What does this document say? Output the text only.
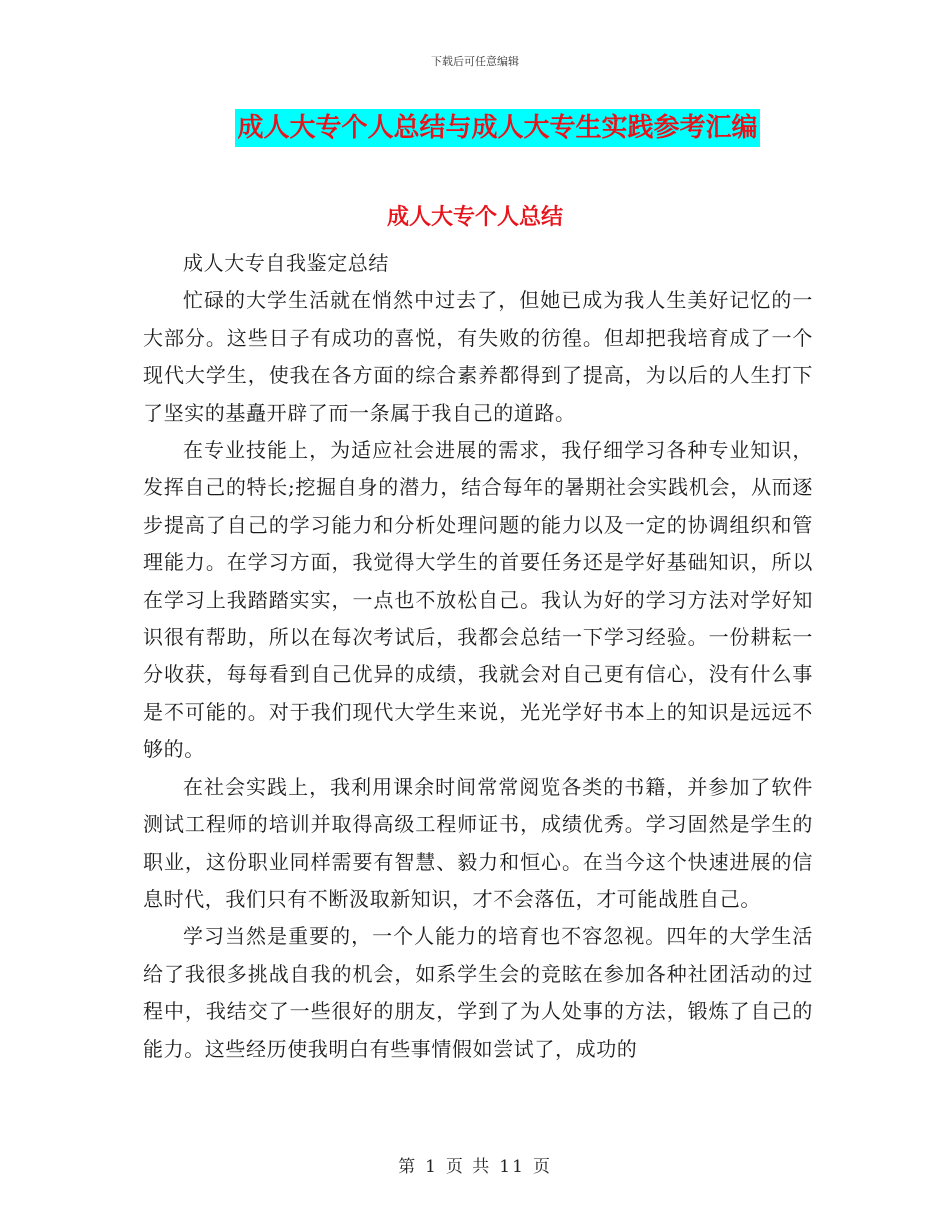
下载后可任意编辑
成人大专个人总结与成人大专生实践参考汇编
成人大专个人总结

成人大专自我鉴定总结

忙碌的大学生活就在悄然中过去了，但她已成为我人生美好记忆的一大部分。这些日子有成功的喜悦，有失败的彷徨。但却把我培育成了一个现代大学生，使我在各方面的综合素养都得到了提高，为以后的人生打下了坚实的基矗开辟了而一条属于我自己的道路。

在专业技能上，为适应社会进展的需求，我仔细学习各种专业知识，发挥自己的特长;挖掘自身的潜力，结合每年的暑期社会实践机会，从而逐步提高了自己的学习能力和分析处理问题的能力以及一定的协调组织和管理能力。在学习方面，我觉得大学生的首要任务还是学好基础知识，所以在学习上我踏踏实实，一点也不放松自己。我认为好的学习方法对学好知识很有帮助，所以在每次考试后，我都会总结一下学习经验。一份耕耘一分收获，每每看到自己优异的成绩，我就会对自己更有信心，没有什么事是不可能的。对于我们现代大学生来说，光光学好书本上的知识是远远不够的。

在社会实践上，我利用课余时间常常阅览各类的书籍，并参加了软件测试工程师的培训并取得高级工程师证书，成绩优秀。学习固然是学生的职业，这份职业同样需要有智慧、毅力和恒心。在当今这个快速进展的信息时代，我们只有不断汲取新知识，才不会落伍，才可能战胜自己。

学习当然是重要的，一个人能力的培育也不容忽视。四年的大学生活给了我很多挑战自我的机会，如系学生会的竞眩在参加各种社团活动的过程中，我结交了一些很好的朋友，学到了为人处事的方法，锻炼了自己的能力。这些经历使我明白有些事情假如尝试了，成功的

第 1 页 共 11 页
